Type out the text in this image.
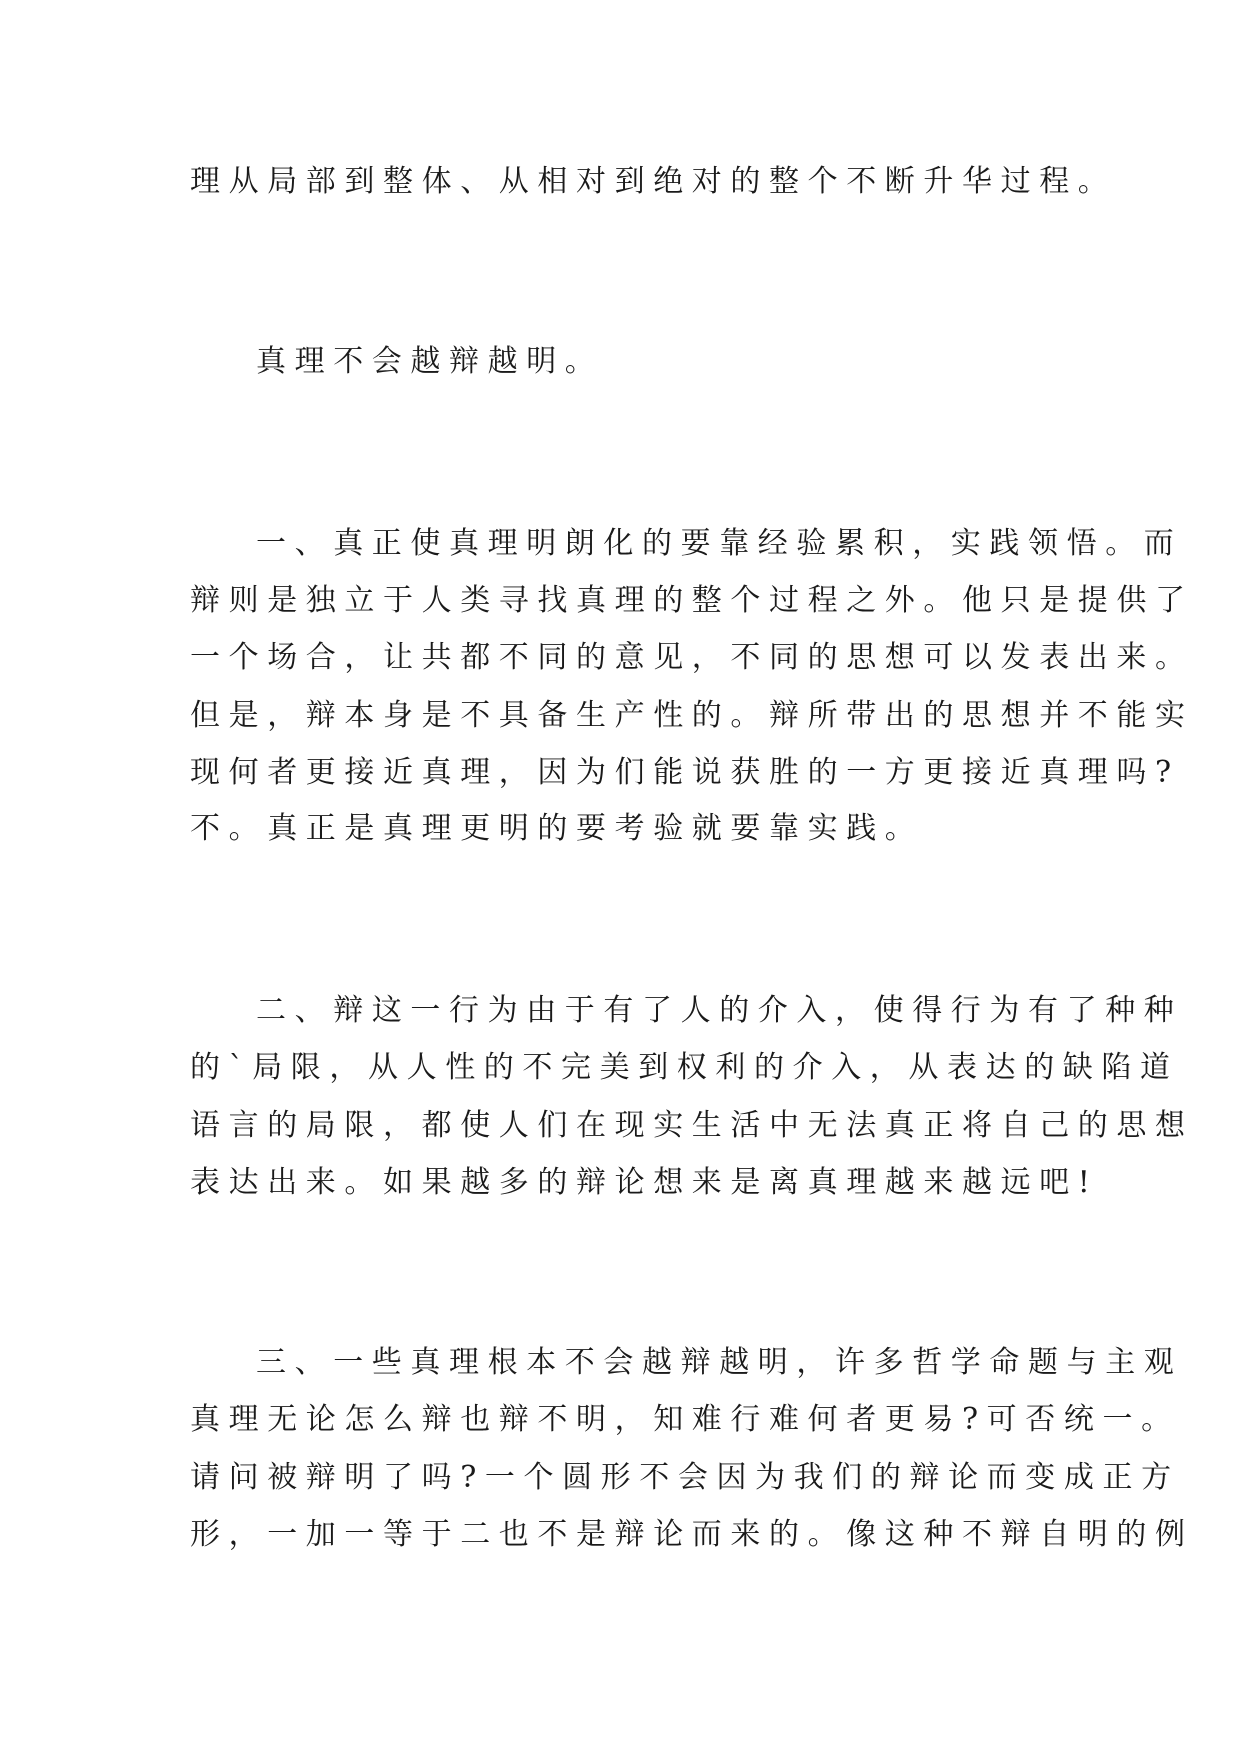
理从局部到整体、从相对到绝对的整个不断升华过程。
真理不会越辩越明。
一、真正使真理明朗化的要靠经验累积，实践领悟。而
辩则是独立于人类寻找真理的整个过程之外。他只是提供了
一个场合，让共都不同的意见，不同的思想可以发表出来。
但是，辩本身是不具备生产性的。辩所带出的思想并不能实
现何者更接近真理，因为们能说获胜的一方更接近真理吗?
不。真正是真理更明的要考验就要靠实践。
二、辩这一行为由于有了人的介入，使得行为有了种种
的`局限，从人性的不完美到权利的介入，从表达的缺陷道
语言的局限，都使人们在现实生活中无法真正将自己的思想
表达出来。如果越多的辩论想来是离真理越来越远吧!
三、一些真理根本不会越辩越明，许多哲学命题与主观
真理无论怎么辩也辩不明，知难行难何者更易?可否统一。
请问被辩明了吗?一个圆形不会因为我们的辩论而变成正方
形，一加一等于二也不是辩论而来的。像这种不辩自明的例
